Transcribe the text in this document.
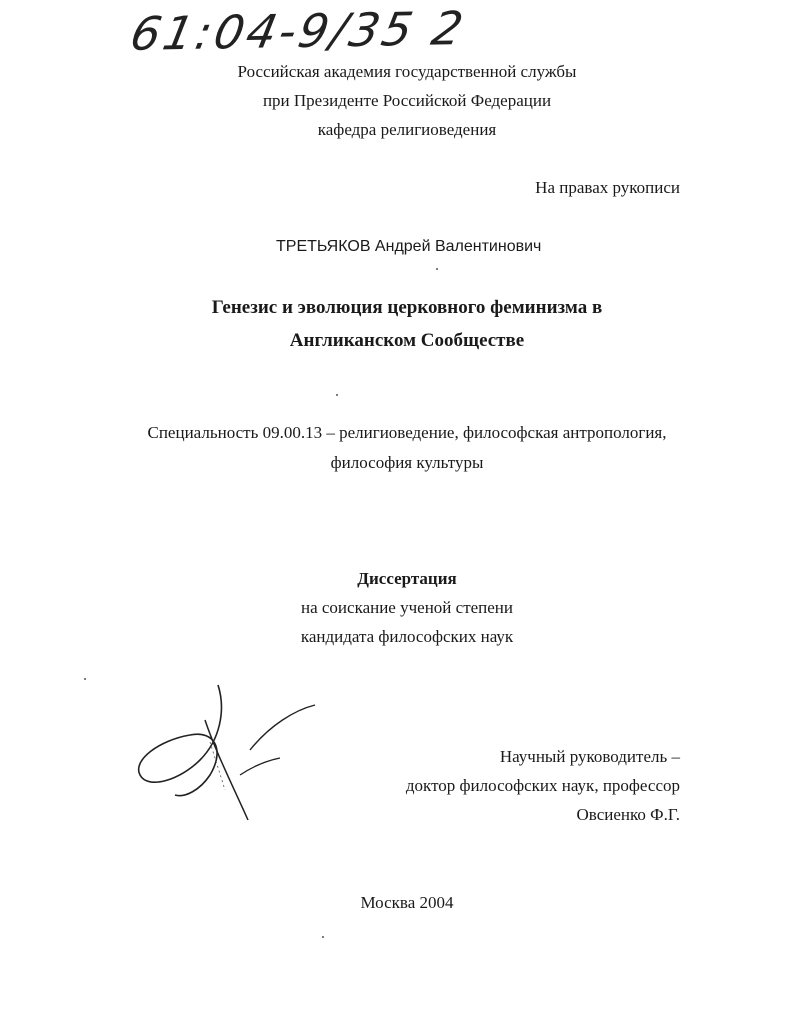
61:04-9/35 2
Российская академия государственной службы
при Президенте Российской Федерации
кафедра религиоведения
На правах рукописи
ТРЕТЬЯКОВ Андрей Валентинович
Генезис и эволюция церковного феминизма в
Англиканском Сообществе
Специальность 09.00.13 – религиоведение, философская антропология,
философия культуры
Диссертация
на соискание ученой степени
кандидата философских наук
Научный руководитель –
доктор философских наук, профессор
Овсиенко Ф.Г.
Москва 2004
